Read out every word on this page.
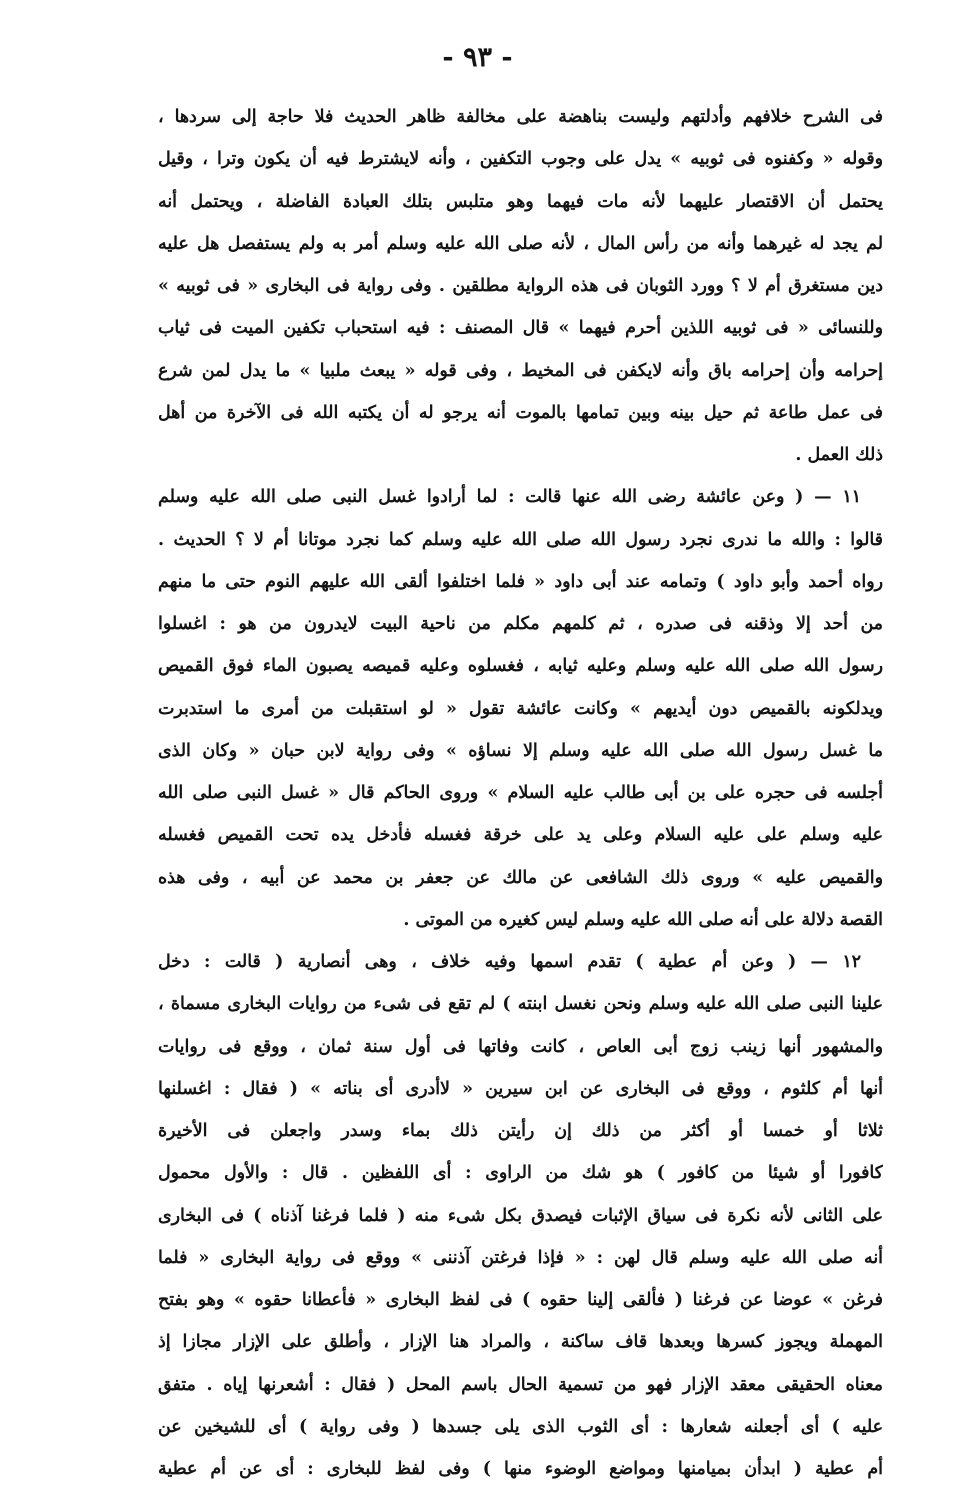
- ٩٣ -
فى الشرح خلافهم وأدلتهم وليست بناهضة على مخالفة ظاهر الحديث فلا حاجة إلى سردها ،
وقوله « وكفنوه فى ثوبيه » يدل على وجوب التكفين ، وأنه لايشترط فيه أن يكون وترا ، وقيل
يحتمل أن الاقتصار عليهما لأنه مات فيهما وهو متلبس بتلك العبادة الفاضلة ، ويحتمل أنه
لم يجد له غيرهما وأنه من رأس المال ، لأنه صلى الله عليه وسلم أمر به ولم يستفصل هل عليه
دين مستغرق أم لا ؟ وورد الثوبان فى هذه الرواية مطلقين . وفى رواية فى البخارى « فى ثوبيه »
وللنسائى « فى ثوبيه اللذين أحرم فيهما » قال المصنف : فيه استحباب تكفين الميت فى ثياب
إحرامه وأن إحرامه باق وأنه لايكفن فى المخيط ، وفى قوله « يبعث ملبيا » ما يدل لمن شرع
فى عمل طاعة ثم حيل بينه وبين تمامها بالموت أنه يرجو له أن يكتبه الله فى الآخرة من أهل
ذلك العمل .
١١ — ( وعن عائشة رضى الله عنها قالت : لما أرادوا غسل النبى صلى الله عليه وسلم
قالوا : والله ما ندرى نجرد رسول الله صلى الله عليه وسلم كما نجرد موتانا أم لا ؟ الحديث .
رواه أحمد وأبو داود ) وتمامه عند أبى داود « فلما اختلفوا ألقى الله عليهم النوم حتى ما منهم
من أحد إلا وذقنه فى صدره ، ثم كلمهم مكلم من ناحية البيت لايدرون من هو : اغسلوا
رسول الله صلى الله عليه وسلم وعليه ثيابه ، فغسلوه وعليه قميصه يصبون الماء فوق القميص
ويدلكونه بالقميص دون أيديهم » وكانت عائشة تقول « لو استقبلت من أمرى ما استدبرت
ما غسل رسول الله صلى الله عليه وسلم إلا نساؤه » وفى رواية لابن حبان « وكان الذى
أجلسه فى حجره على بن أبى طالب عليه السلام » وروى الحاكم قال « غسل النبى صلى الله
عليه وسلم على عليه السلام وعلى يد على خرقة فغسله فأدخل يده تحت القميص فغسله
والقميص عليه » وروى ذلك الشافعى عن مالك عن جعفر بن محمد عن أبيه ، وفى هذه
القصة دلالة على أنه صلى الله عليه وسلم ليس كغيره من الموتى .
١٢ — ( وعن أم عطية ) تقدم اسمها وفيه خلاف ، وهى أنصارية ( قالت : دخل
علينا النبى صلى الله عليه وسلم ونحن نغسل ابنته ) لم تقع فى شىء من روايات البخارى مسماة ،
والمشهور أنها زينب زوج أبى العاص ، كانت وفاتها فى أول سنة ثمان ، ووقع فى روايات
أنها أم كلثوم ، ووقع فى البخارى عن ابن سيرين « لاأدرى أى بناته » ( فقال : اغسلنها
ثلاثا أو خمسا أو أكثر من ذلك إن رأيتن ذلك بماء وسدر واجعلن فى الأخيرة
كافورا أو شيئا من كافور ) هو شك من الراوى : أى اللفظين . قال : والأول محمول
على الثانى لأنه نكرة فى سياق الإثبات فيصدق بكل شىء منه ( فلما فرغنا آذناه ) فى البخارى
أنه صلى الله عليه وسلم قال لهن : « فإذا فرغتن آذننى » ووقع فى رواية البخارى « فلما
فرغن » عوضا عن فرغنا ( فألقى إلينا حقوه ) فى لفظ البخارى « فأعطانا حقوه » وهو بفتح
المهملة ويجوز كسرها وبعدها قاف ساكنة ، والمراد هنا الإزار ، وأطلق على الإزار مجازا إذ
معناه الحقيقى معقد الإزار فهو من تسمية الحال باسم المحل ( فقال : أشعرنها إياه . متفق
عليه ) أى أجعلنه شعارها : أى الثوب الذى يلى جسدها ( وفى رواية ) أى للشيخين عن
أم عطية ( ابدأن بميامنها ومواضع الوضوء منها ) وفى لفظ للبخارى : أى عن أم عطية
